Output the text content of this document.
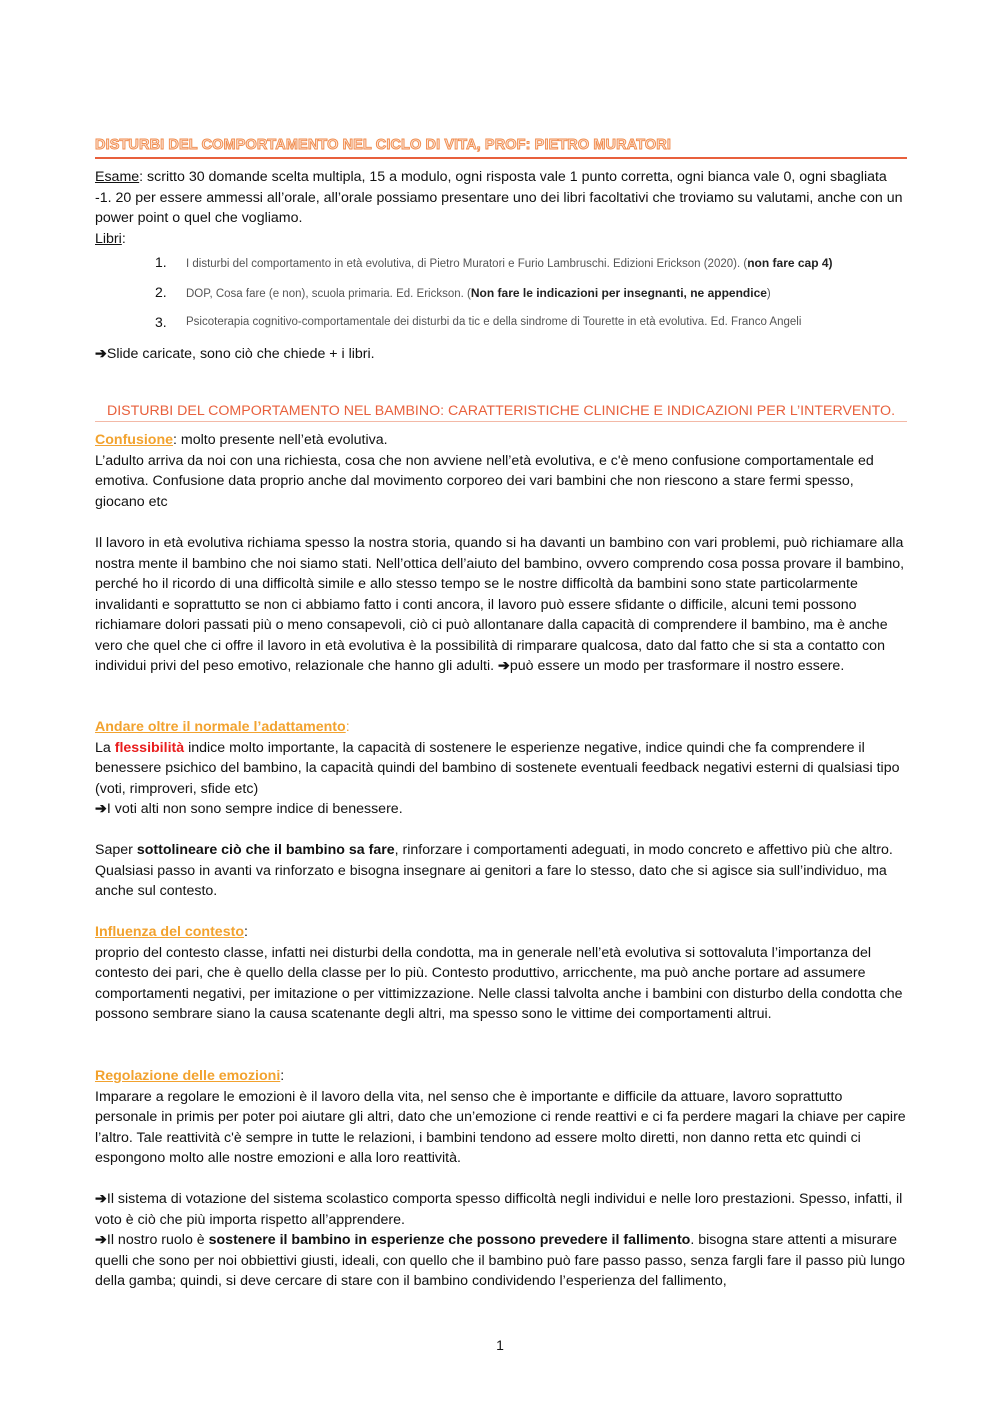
DISTURBI DEL COMPORTAMENTO NEL CICLO DI VITA, PROF: PIETRO MURATORI

Esame: scritto 30 domande scelta multipla, 15 a modulo, ogni risposta vale 1 punto corretta, ogni bianca vale 0, ogni sbagliata -1. 20 per essere ammessi all’orale, all’orale possiamo presentare uno dei libri facoltativi che troviamo su valutami, anche con un power point o quel che vogliamo.

Libri:

1. I disturbi del comportamento in età evolutiva, di Pietro Muratori e Furio Lambruschi. Edizioni Erickson (2020). (non fare cap 4)
2. DOP, Cosa fare (e non), scuola primaria. Ed. Erickson. (Non fare le indicazioni per insegnanti, ne appendice)
3. Psicoterapia cognitivo-comportamentale dei disturbi da tic e della sindrome di Tourette in età evolutiva. Ed. Franco Angeli

➔Slide caricate, sono ciò che chiede + i libri.

DISTURBI DEL COMPORTAMENTO NEL BAMBINO: CARATTERISTICHE CLINICHE E INDICAZIONI PER L’INTERVENTO.

Confusione: molto presente nell’età evolutiva.

L’adulto arriva da noi con una richiesta, cosa che non avviene nell’età evolutiva, e c'è meno confusione comportamentale ed emotiva. Confusione data proprio anche dal movimento corporeo dei vari bambini che non riescono a stare fermi spesso, giocano etc

Il lavoro in età evolutiva richiama spesso la nostra storia, quando si ha davanti un bambino con vari problemi, può richiamare alla nostra mente il bambino che noi siamo stati. Nell’ottica dell’aiuto del bambino, ovvero comprendo cosa possa provare il bambino, perché ho il ricordo di una difficoltà simile e allo stesso tempo se le nostre difficoltà da bambini sono state particolarmente invalidanti e soprattutto se non ci abbiamo fatto i conti ancora, il lavoro può essere sfidante o difficile, alcuni temi possono richiamare dolori passati più o meno consapevoli, ciò ci può allontanare dalla capacità di comprendere il bambino, ma è anche vero che quel che ci offre il lavoro in età evolutiva è la possibilità di rimparare qualcosa, dato dal fatto che si sta a contatto con individui privi del peso emotivo, relazionale che hanno gli adulti. ➔può essere un modo per trasformare il nostro essere.

Andare oltre il normale l’adattamento:

La flessibilità indice molto importante, la capacità di sostenere le esperienze negative, indice quindi che fa comprendere il benessere psichico del bambino, la capacità quindi del bambino di sostenete eventuali feedback negativi esterni di qualsiasi tipo (voti, rimproveri, sfide etc)

➔I voti alti non sono sempre indice di benessere.

Saper sottolineare ciò che il bambino sa fare, rinforzare i comportamenti adeguati, in modo concreto e affettivo più che altro. Qualsiasi passo in avanti va rinforzato e bisogna insegnare ai genitori a fare lo stesso, dato che si agisce sia sull’individuo, ma anche sul contesto.

Influenza del contesto:

proprio del contesto classe, infatti nei disturbi della condotta, ma in generale nell’età evolutiva si sottovaluta l’importanza del contesto dei pari, che è quello della classe per lo più. Contesto produttivo, arricchente, ma può anche portare ad assumere comportamenti negativi, per imitazione o per vittimizzazione. Nelle classi talvolta anche i bambini con disturbo della condotta che possono sembrare siano la causa scatenante degli altri, ma spesso sono le vittime dei comportamenti altrui.

Regolazione delle emozioni:

Imparare a regolare le emozioni è il lavoro della vita, nel senso che è importante e difficile da attuare, lavoro soprattutto personale in primis per poter poi aiutare gli altri, dato che un’emozione ci rende reattivi e ci fa perdere magari la chiave per capire l’altro. Tale reattività c'è sempre in tutte le relazioni, i bambini tendono ad essere molto diretti, non danno retta etc quindi ci espongono molto alle nostre emozioni e alla loro reattività.

➔Il sistema di votazione del sistema scolastico comporta spesso difficoltà negli individui e nelle loro prestazioni. Spesso, infatti, il voto è ciò che più importa rispetto all’apprendere.

➔Il nostro ruolo è sostenere il bambino in esperienze che possono prevedere il fallimento. bisogna stare attenti a misurare quelli che sono per noi obbiettivi giusti, ideali, con quello che il bambino può fare passo passo, senza fargli fare il passo più lungo della gamba; quindi, si deve cercare di stare con il bambino condividendo l’esperienza del fallimento,

1
